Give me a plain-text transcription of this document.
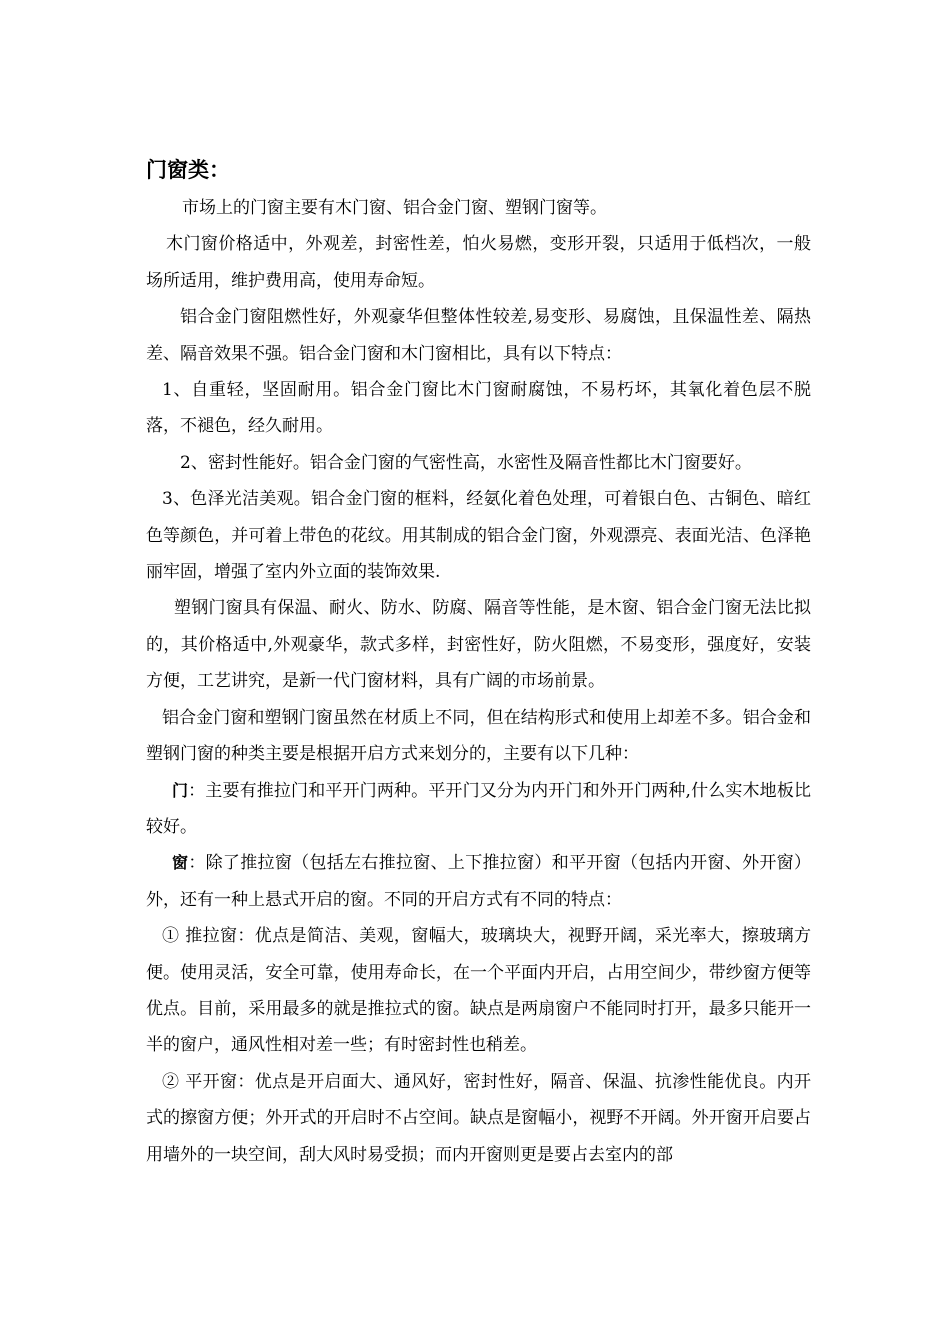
门窗类：

市场上的门窗主要有木门窗、铝合金门窗、塑钢门窗等。

木门窗价格适中，外观差，封密性差，怕火易燃，变形开裂，只适用于低档次，一般场所适用，维护费用高，使用寿命短。

铝合金门窗阻燃性好，外观豪华但整体性较差,易变形、易腐蚀，且保温性差、隔热差、隔音效果不强。铝合金门窗和木门窗相比，具有以下特点：

1、自重轻，坚固耐用。铝合金门窗比木门窗耐腐蚀，不易朽坏，其氧化着色层不脱落，不褪色，经久耐用。

2、密封性能好。铝合金门窗的气密性高，水密性及隔音性都比木门窗要好。

3、色泽光洁美观。铝合金门窗的框料，经氨化着色处理，可着银白色、古铜色、暗红色等颜色，并可着上带色的花纹。用其制成的铝合金门窗，外观漂亮、表面光洁、色泽艳丽牢固，增强了室内外立面的装饰效果.

塑钢门窗具有保温、耐火、防水、防腐、隔音等性能，是木窗、铝合金门窗无法比拟的，其价格适中,外观豪华，款式多样，封密性好，防火阻燃，不易变形，强度好，安装方便，工艺讲究，是新一代门窗材料，具有广阔的市场前景。

铝合金门窗和塑钢门窗虽然在材质上不同，但在结构形式和使用上却差不多。铝合金和塑钢门窗的种类主要是根据开启方式来划分的，主要有以下几种：

门：主要有推拉门和平开门两种。平开门又分为内开门和外开门两种,什么实木地板比较好。

窗：除了推拉窗（包括左右推拉窗、上下推拉窗）和平开窗（包括内开窗、外开窗）外，还有一种上悬式开启的窗。不同的开启方式有不同的特点：

① 推拉窗：优点是简洁、美观，窗幅大，玻璃块大，视野开阔，采光率大，擦玻璃方便。使用灵活，安全可靠，使用寿命长，在一个平面内开启，占用空间少，带纱窗方便等优点。目前，采用最多的就是推拉式的窗。缺点是两扇窗户不能同时打开，最多只能开一半的窗户，通风性相对差一些；有时密封性也稍差。

② 平开窗：优点是开启面大、通风好，密封性好，隔音、保温、抗渗性能优良。内开式的擦窗方便；外开式的开启时不占空间。缺点是窗幅小，视野不开阔。外开窗开启要占用墙外的一块空间，刮大风时易受损；而内开窗则更是要占去室内的部
